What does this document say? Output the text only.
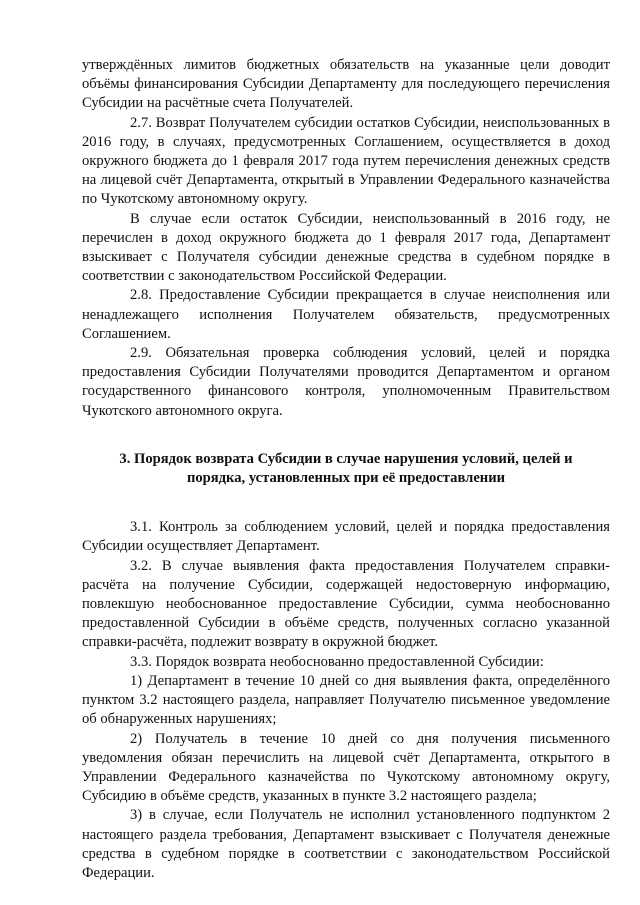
утверждённых лимитов бюджетных обязательств на указанные цели доводит объёмы финансирования Субсидии Департаменту для последующего перечисления Субсидии на расчётные счета Получателей.

2.7. Возврат Получателем субсидии остатков Субсидии, неиспользованных в 2016 году, в случаях, предусмотренных Соглашением, осуществляется в доход окружного бюджета до 1 февраля 2017 года путем перечисления денежных средств на лицевой счёт Департамента, открытый в Управлении Федерального казначейства по Чукотскому автономному округу.

В случае если остаток Субсидии, неиспользованный в 2016 году, не перечислен в доход окружного бюджета до 1 февраля 2017 года, Департамент взыскивает с Получателя субсидии денежные средства в судебном порядке в соответствии с законодательством Российской Федерации.

2.8. Предоставление Субсидии прекращается в случае неисполнения или ненадлежащего исполнения Получателем обязательств, предусмотренных Соглашением.

2.9. Обязательная проверка соблюдения условий, целей и порядка предоставления Субсидии Получателями проводится Департаментом и органом государственного финансового контроля, уполномоченным Правительством Чукотского автономного округа.

3. Порядок возврата Субсидии в случае нарушения условий, целей и порядка, установленных при её предоставлении

3.1. Контроль за соблюдением условий, целей и порядка предоставления Субсидии осуществляет Департамент.

3.2. В случае выявления факта предоставления Получателем справки-расчёта на получение Субсидии, содержащей недостоверную информацию, повлекшую необоснованное предоставление Субсидии, сумма необоснованно предоставленной Субсидии в объёме средств, полученных согласно указанной справки-расчёта, подлежит возврату в окружной бюджет.

3.3. Порядок возврата необоснованно предоставленной Субсидии:

1) Департамент в течение 10 дней со дня выявления факта, определённого пунктом 3.2 настоящего раздела, направляет Получателю письменное уведомление об обнаруженных нарушениях;

2) Получатель в течение 10 дней со дня получения письменного уведомления обязан перечислить на лицевой счёт Департамента, открытого в Управлении Федерального казначейства по Чукотскому автономному округу, Субсидию в объёме средств, указанных в пункте 3.2 настоящего раздела;

3) в случае, если Получатель не исполнил установленного подпунктом 2 настоящего раздела требования, Департамент взыскивает с Получателя денежные средства в судебном порядке в соответствии с законодательством Российской Федерации.
